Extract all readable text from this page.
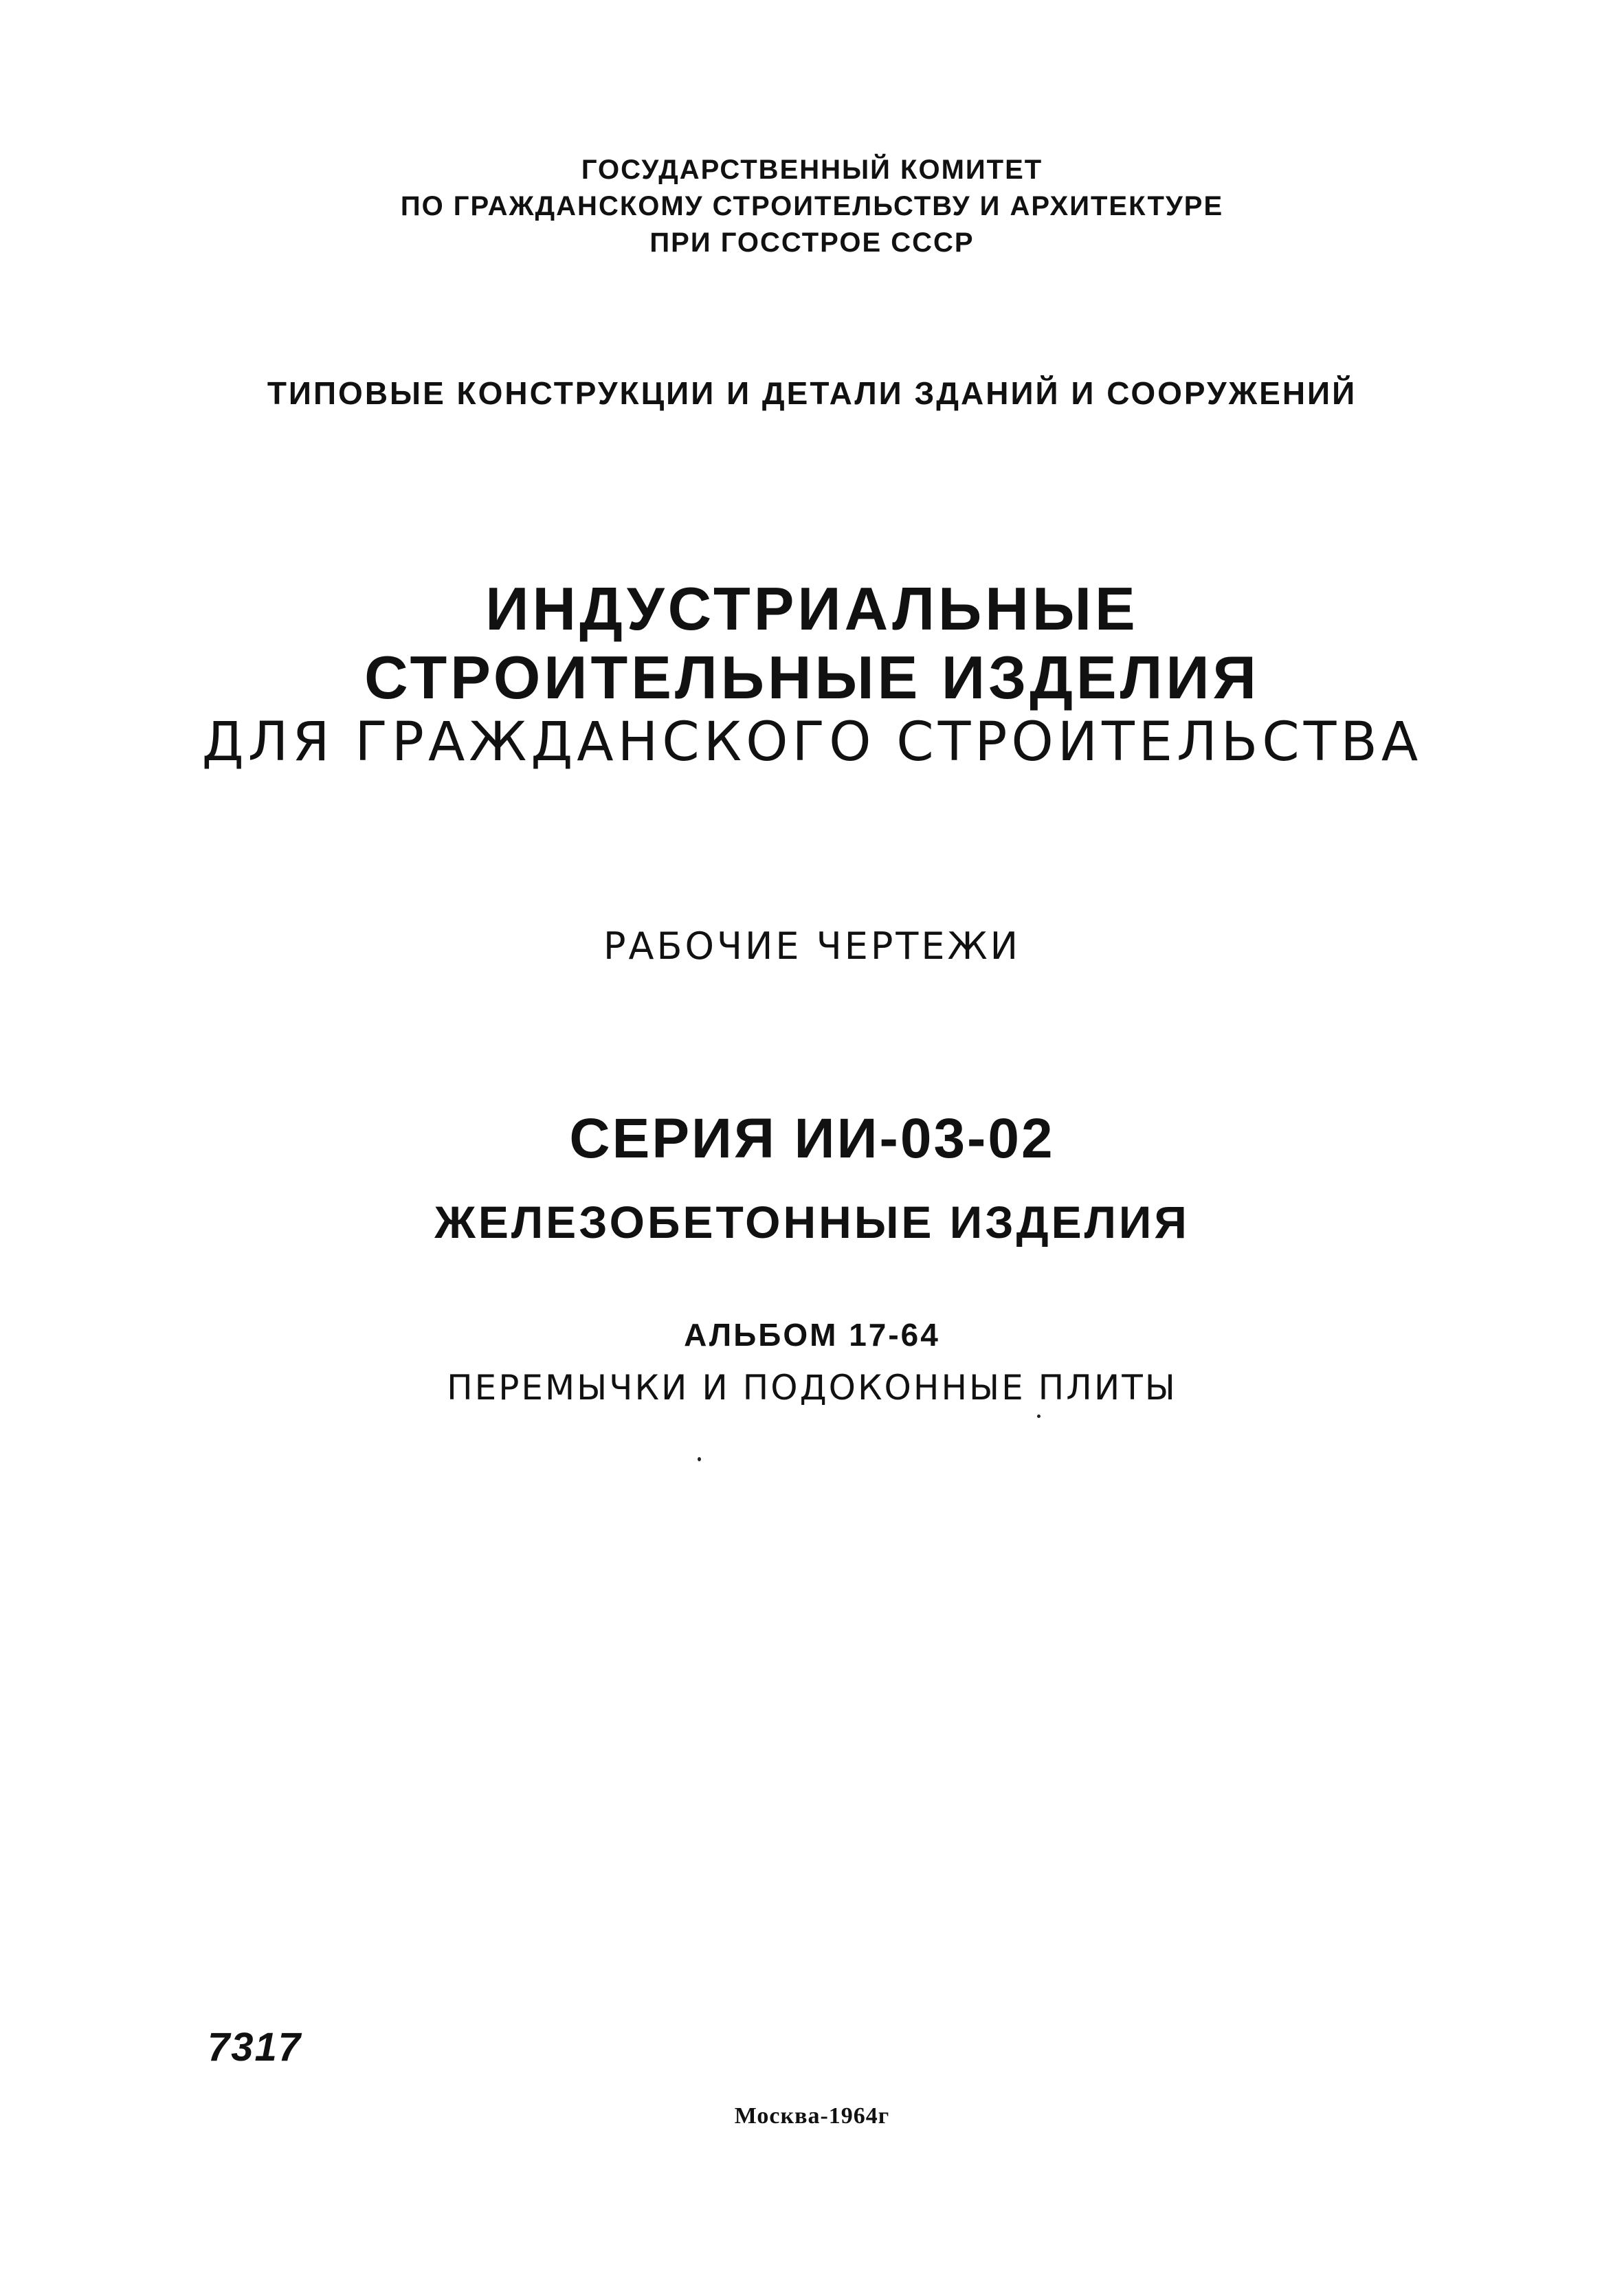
ГОСУДАРСТВЕННЫЙ КОМИТЕТ

ПО ГРАЖДАНСКОМУ СТРОИТЕЛЬСТВУ И АРХИТЕКТУРЕ

ПРИ ГОССТРОЕ СССР

ТИПОВЫЕ КОНСТРУКЦИИ И ДЕТАЛИ ЗДАНИЙ И СООРУЖЕНИЙ

ИНДУСТРИАЛЬНЫЕ

СТРОИТЕЛЬНЫЕ ИЗДЕЛИЯ

ДЛЯ ГРАЖДАНСКОГО СТРОИТЕЛЬСТВА

РАБОЧИЕ ЧЕРТЕЖИ

СЕРИЯ ИИ-03-02

ЖЕЛЕЗОБЕТОННЫЕ ИЗДЕЛИЯ

АЛЬБОМ 17-64

ПЕРЕМЫЧКИ И ПОДОКОННЫЕ ПЛИТЫ

7317

Москва-1964г
